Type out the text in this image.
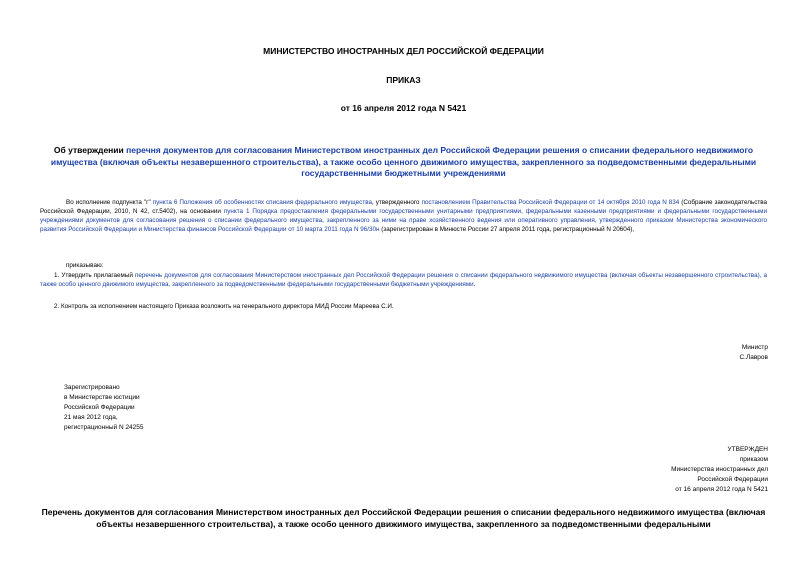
МИНИСТЕРСТВО ИНОСТРАННЫХ ДЕЛ РОССИЙСКОЙ ФЕДЕРАЦИИ
ПРИКАЗ
от 16 апреля 2012 года N 5421
Об утверждении перечня документов для согласования Министерством иностранных дел Российской Федерации решения о списании федерального недвижимого имущества (включая объекты незавершенного строительства), а также особо ценного движимого имущества, закрепленного за подведомственными федеральными государственными бюджетными учреждениями
Во исполнение подпункта "г" пункта 6 Положения об особенностях списания федерального имущества, утвержденного постановлением Правительства Российской Федерации от 14 октября 2010 года N 834 (Собрание законодательства Российской Федерации, 2010, N 42, ст.5402), на основании пункта 1 Порядка предоставления федеральными государственными унитарными предприятиями, федеральными казенными предприятиями и федеральными государственными учреждениями документов для согласования решения о списании федерального имущества, закрепленного за ними на праве хозяйственного ведения или оперативного управления, утвержденного приказом Министерства экономического развития Российской Федерации и Министерства финансов Российской Федерации от 10 марта 2011 года N 96/30н (зарегистрирован в Минюсте России 27 апреля 2011 года, регистрационный N 20604),
приказываю:
1. Утвердить прилагаемый перечень документов для согласования Министерством иностранных дел Российской Федерации решения о списании федерального недвижимого имущества (включая объекты незавершенного строительства), а также особо ценного движимого имущества, закрепленного за подведомственными федеральными государственными бюджетными учреждениями.
2. Контроль за исполнением настоящего Приказа возложить на генерального директора МИД России Мареева С.И.
Министр
С.Лавров
Зарегистрировано
в Министерстве юстиции
Российской Федерации
21 мая 2012 года,
регистрационный N 24255
УТВЕРЖДЕН
приказом
Министерства иностранных дел
Российской Федерации
от 16 апреля 2012 года N 5421
Перечень документов для согласования Министерством иностранных дел Российской Федерации решения о списании федерального недвижимого имущества (включая объекты незавершенного строительства), а также особо ценного движимого имущества, закрепленного за подведомственными федеральными
